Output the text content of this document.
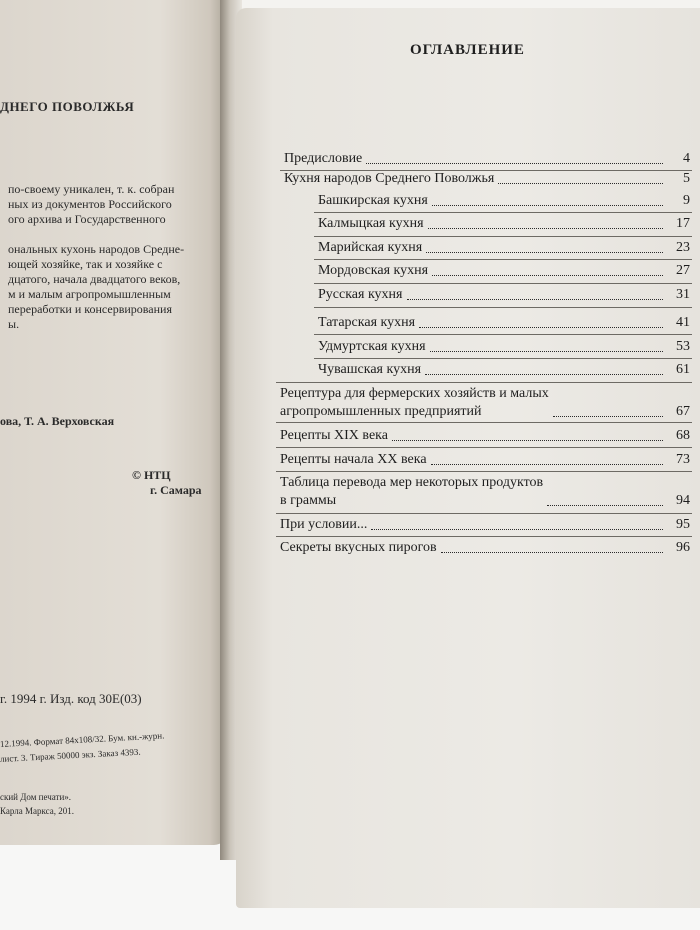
ДНЕГО ПОВОЛЖЬЯ
по-своему уникален, т. к. собран
ных из документов Российского
ого архива и Государственного
ональных кухонь народов Средне-
ющей хозяйке, так и хозяйке с
дцатого, начала двадцатого веков,
м и малым агропромышленным
переработки и консервирования
ы.
ова, Т. А. Верховская
© НТЦ
г. Самара
г. 1994 г. Изд. код 30Е(03)
12.1994. Формат 84х108/32. Бум. кн.-журн.
лист. 3. Тираж 50000 экз. Заказ 4393.
ский Дом печати».
Карла Маркса, 201.
ОГЛАВЛЕНИЕ
Предисловие	4
Кухня народов Среднего Поволжья	5
Башкирская кухня	9
Калмыцкая кухня	17
Марийская кухня	23
Мордовская кухня	27
Русская кухня	31
Татарская кухня	41
Удмуртская кухня	53
Чувашская кухня	61
Рецептура для фермерских хозяйств и малых
агропромышленных предприятий	67
Рецепты XIX века	68
Рецепты начала XX века	73
Таблица перевода мер некоторых продуктов
в граммы	94
При условии...	95
Секреты вкусных пирогов	96
